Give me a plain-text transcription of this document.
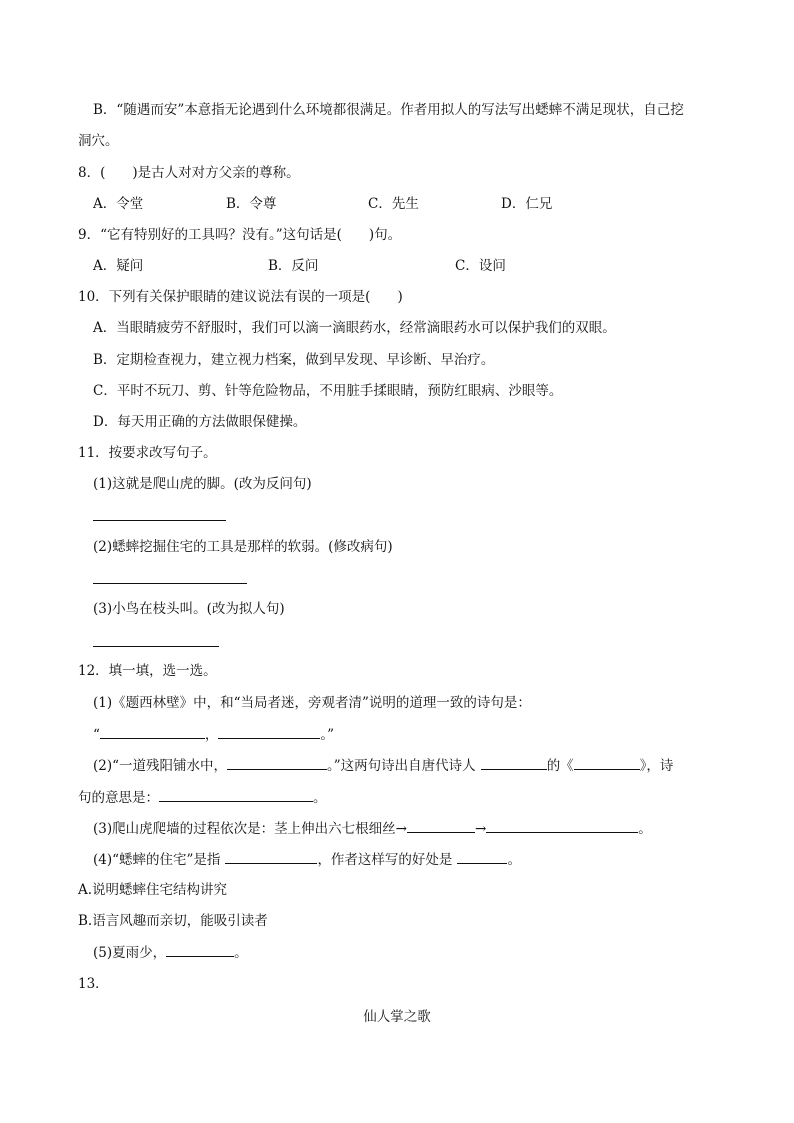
B．“随遇而安”本意指无论遇到什么环境都很满足。作者用拟人的写法写出蟋蟀不满足现状，自己挖
洞穴。
8．(　　)是古人对对方父亲的尊称。
A．令堂	B．令尊	C．先生	D．仁兄
9．“它有特别好的工具吗？没有。”这句话是(　　)句。
A．疑问	B．反问	C．设问
10．下列有关保护眼睛的建议说法有误的一项是(　　)
A．当眼睛疲劳不舒服时，我们可以滴一滴眼药水，经常滴眼药水可以保护我们的双眼。
B．定期检查视力，建立视力档案，做到早发现、早诊断、早治疗。
C．平时不玩刀、剪、针等危险物品，不用脏手揉眼睛，预防红眼病、沙眼等。
D．每天用正确的方法做眼保健操。
11．按要求改写句子。
(1)这就是爬山虎的脚。(改为反问句)
(2)蟋蟀挖掘住宅的工具是那样的软弱。(修改病句)
(3)小鸟在枝头叫。(改为拟人句)
12．填一填，选一选。
(1)《题西林壁》中，和“当局者迷，旁观者清”说明的道理一致的诗句是：
“	，	。”
(2)“一道残阳铺水中，	。”这两句诗出自唐代诗人	的《	》，诗
句的意思是：	。
(3)爬山虎爬墙的过程依次是：茎上伸出六七根细丝→	→	。
(4)“蟋蟀的住宅”是指	，作者这样写的好处是	。
A.说明蟋蟀住宅结构讲究
B.语言风趣而亲切，能吸引读者
(5)夏雨少，	。
13．
仙人掌之歌
